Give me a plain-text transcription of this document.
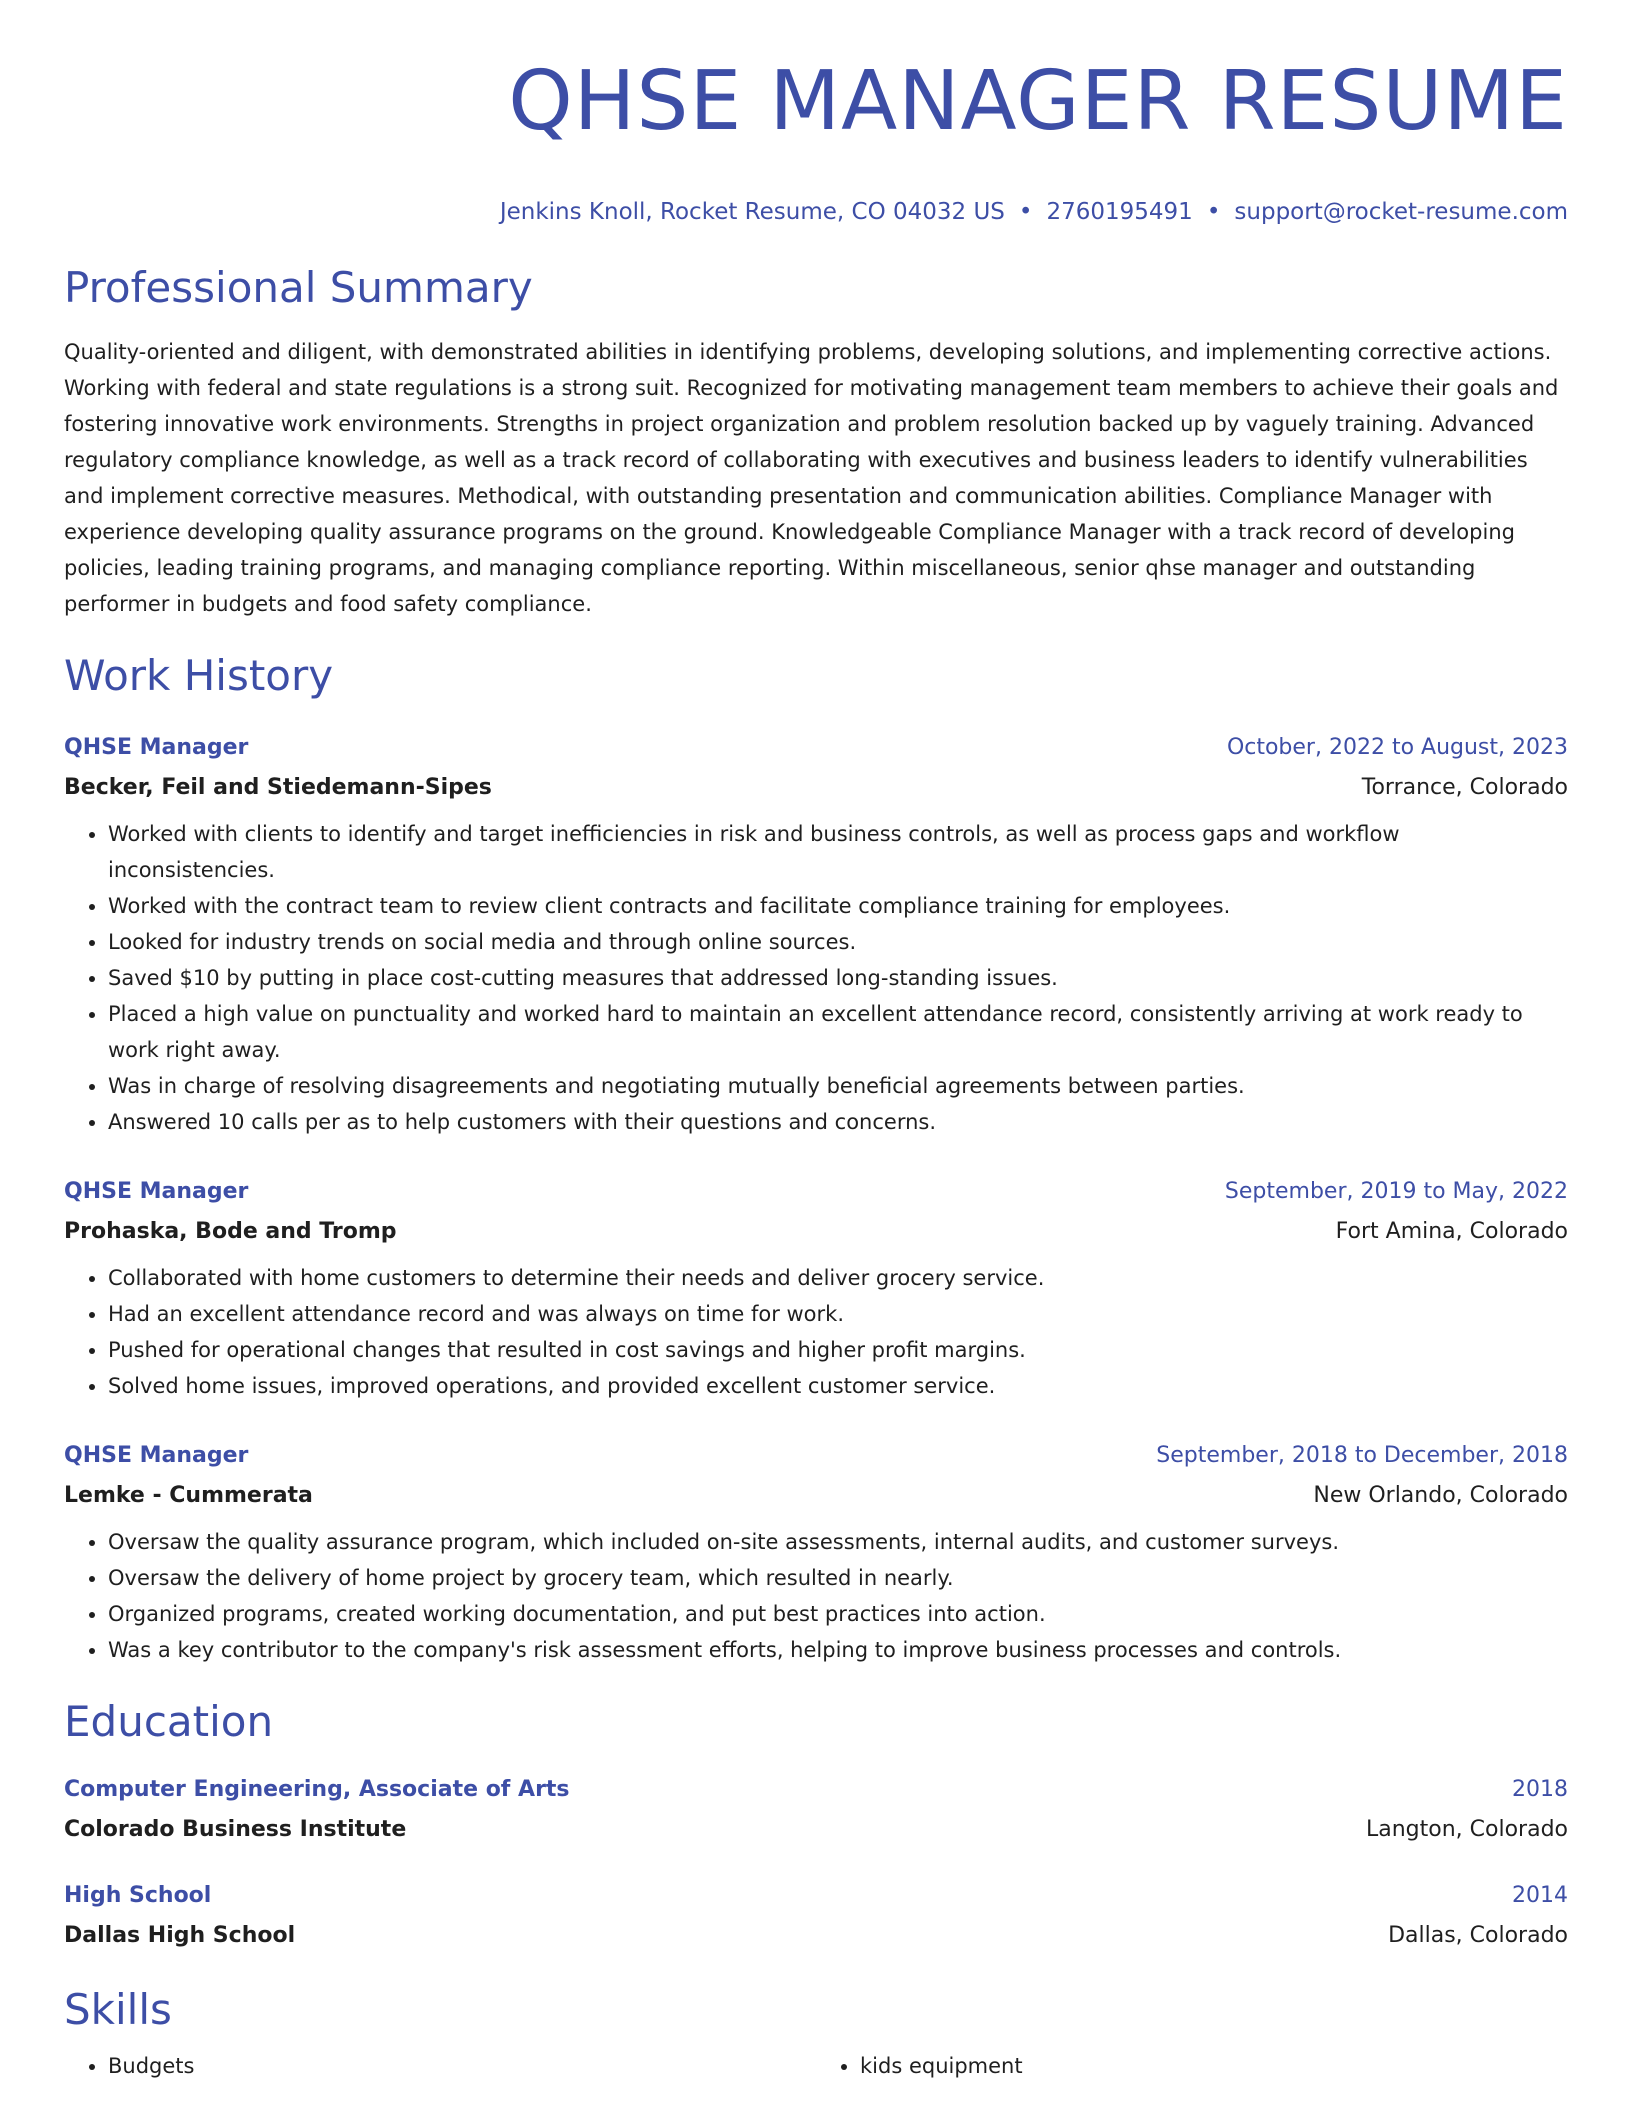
QHSE MANAGER RESUME
Jenkins Knoll, Rocket Resume, CO 04032 US • 2760195491 • support@rocket-resume.com
Professional Summary
Quality-oriented and diligent, with demonstrated abilities in identifying problems, developing solutions, and implementing corrective actions. Working with federal and state regulations is a strong suit. Recognized for motivating management team members to achieve their goals and fostering innovative work environments. Strengths in project organization and problem resolution backed up by vaguely training. Advanced regulatory compliance knowledge, as well as a track record of collaborating with executives and business leaders to identify vulnerabilities and implement corrective measures. Methodical, with outstanding presentation and communication abilities. Compliance Manager with experience developing quality assurance programs on the ground. Knowledgeable Compliance Manager with a track record of developing policies, leading training programs, and managing compliance reporting. Within miscellaneous, senior qhse manager and outstanding performer in budgets and food safety compliance.
Work History
QHSE Manager	October, 2022 to August, 2023
Becker, Feil and Stiedemann-Sipes	Torrance, Colorado
• Worked with clients to identify and target inefficiencies in risk and business controls, as well as process gaps and workflow inconsistencies.
• Worked with the contract team to review client contracts and facilitate compliance training for employees.
• Looked for industry trends on social media and through online sources.
• Saved $10 by putting in place cost-cutting measures that addressed long-standing issues.
• Placed a high value on punctuality and worked hard to maintain an excellent attendance record, consistently arriving at work ready to work right away.
• Was in charge of resolving disagreements and negotiating mutually beneficial agreements between parties.
• Answered 10 calls per as to help customers with their questions and concerns.
QHSE Manager	September, 2019 to May, 2022
Prohaska, Bode and Tromp	Fort Amina, Colorado
• Collaborated with home customers to determine their needs and deliver grocery service.
• Had an excellent attendance record and was always on time for work.
• Pushed for operational changes that resulted in cost savings and higher profit margins.
• Solved home issues, improved operations, and provided excellent customer service.
QHSE Manager	September, 2018 to December, 2018
Lemke - Cummerata	New Orlando, Colorado
• Oversaw the quality assurance program, which included on-site assessments, internal audits, and customer surveys.
• Oversaw the delivery of home project by grocery team, which resulted in nearly.
• Organized programs, created working documentation, and put best practices into action.
• Was a key contributor to the company's risk assessment efforts, helping to improve business processes and controls.
Education
Computer Engineering, Associate of Arts	2018
Colorado Business Institute	Langton, Colorado
High School	2014
Dallas High School	Dallas, Colorado
Skills
• Budgets
•	kids equipment
